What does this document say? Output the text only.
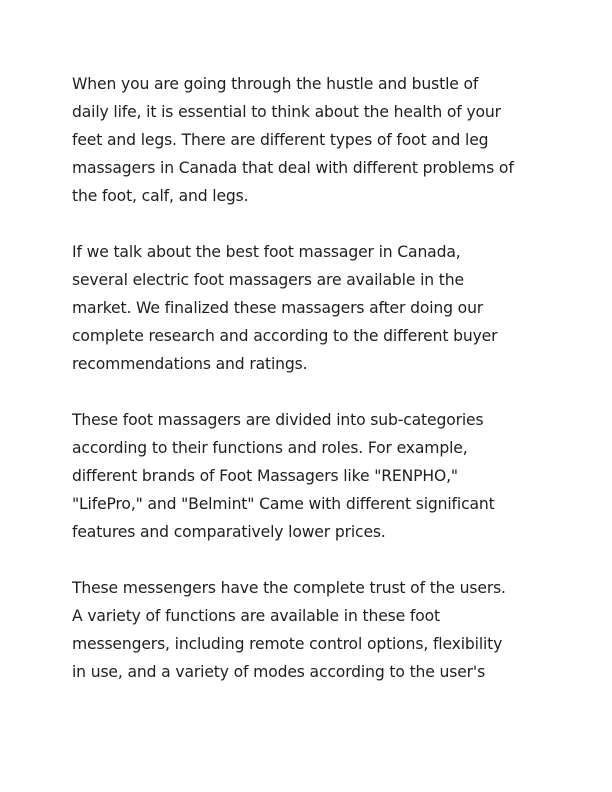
When you are going through the hustle and bustle of
daily life, it is essential to think about the health of your
feet and legs. There are different types of foot and leg
massagers in Canada that deal with different problems of
the foot, calf, and legs.

If we talk about the best foot massager in Canada,
several electric foot massagers are available in the
market. We finalized these massagers after doing our
complete research and according to the different buyer
recommendations and ratings.

These foot massagers are divided into sub-categories
according to their functions and roles. For example,
different brands of Foot Massagers like "RENPHO,"
"LifePro," and "Belmint" Came with different significant
features and comparatively lower prices.

These messengers have the complete trust of the users.
A variety of functions are available in these foot
messengers, including remote control options, flexibility
in use, and a variety of modes according to the user's
